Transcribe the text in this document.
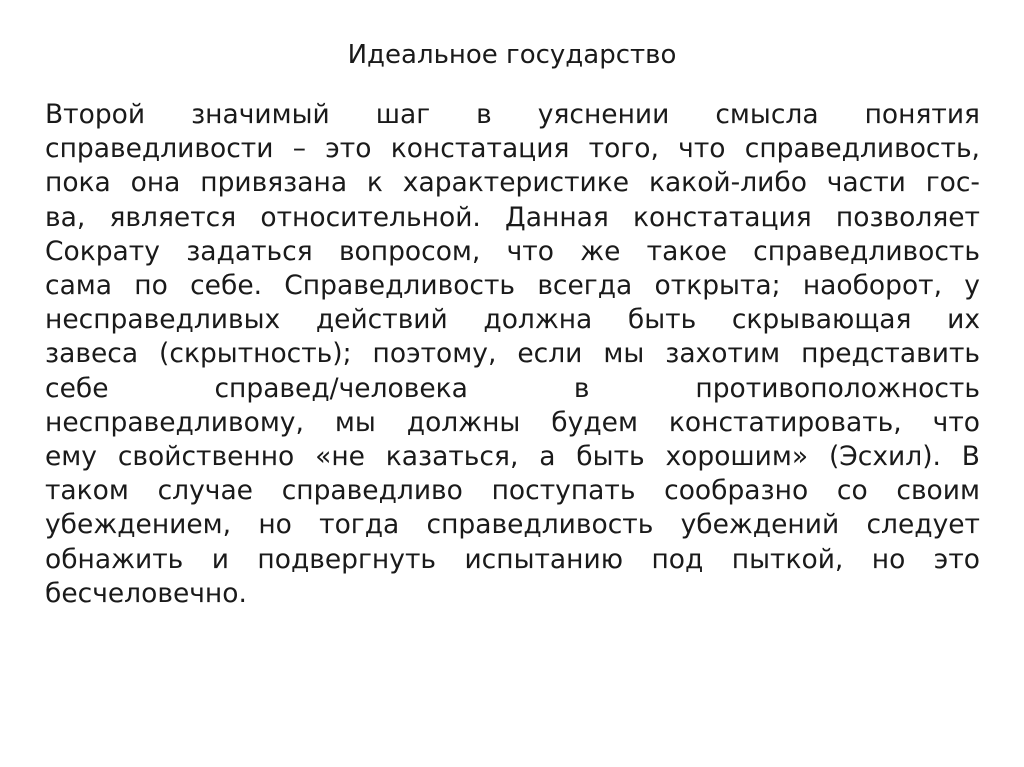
Идеальное государство
Второй значимый шаг в уяснении смысла понятия
справедливости – это констатация того, что справедливость,
пока она привязана к характеристике какой-либо части гос-
ва, является относительной. Данная констатация позволяет
Сократу задаться вопросом, что же такое справедливость
сама по себе. Справедливость всегда открыта; наоборот, у
несправедливых действий должна быть скрывающая их
завеса (скрытность); поэтому, если мы захотим представить
себе справед/человека в противоположность
несправедливому, мы должны будем констатировать, что
ему свойственно «не казаться, а быть хорошим» (Эсхил). В
таком случае справедливо поступать сообразно со своим
убеждением, но тогда справедливость убеждений следует
обнажить и подвергнуть испытанию под пыткой, но это
бесчеловечно.
